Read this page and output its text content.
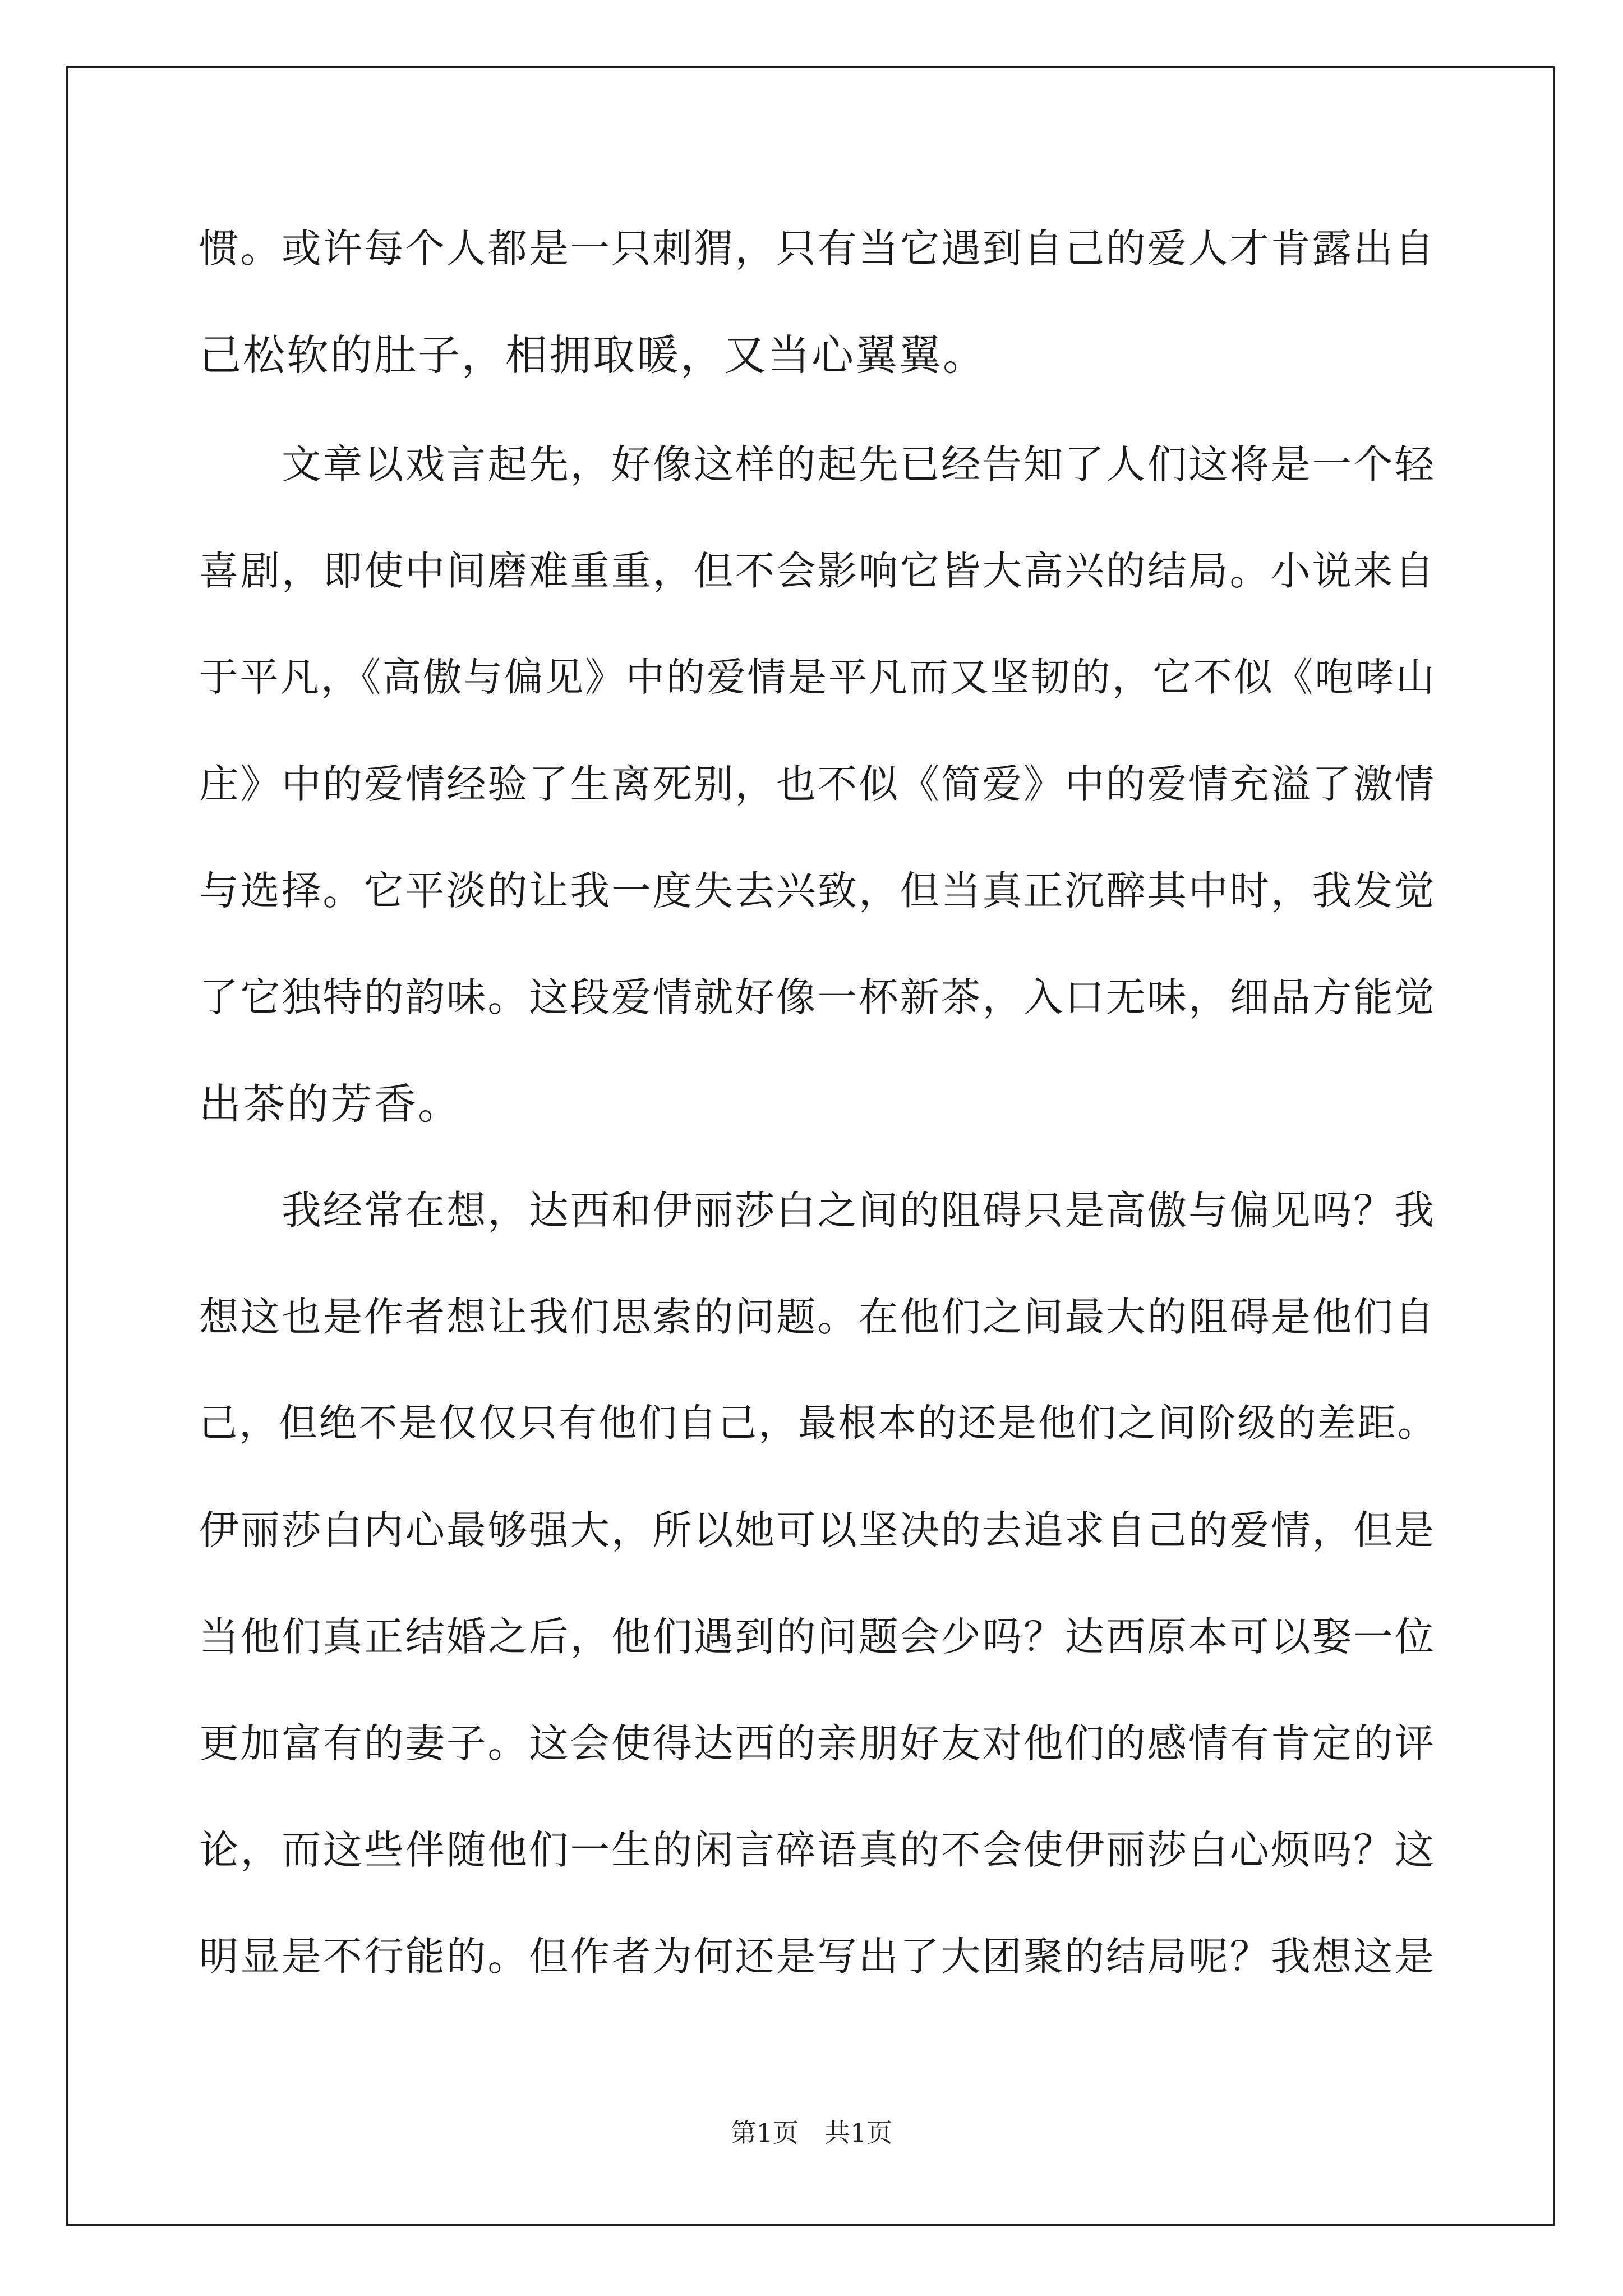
惯。或许每个人都是一只刺猬，只有当它遇到自己的爱人才肯露出自

己松软的肚子，相拥取暖，又当心翼翼。

　　文章以戏言起先，好像这样的起先已经告知了人们这将是一个轻

喜剧，即使中间磨难重重，但不会影响它皆大高兴的结局。小说来自

于平凡，《高傲与偏见》中的爱情是平凡而又坚韧的，它不似《咆哮山

庄》中的爱情经验了生离死别，也不似《简爱》中的爱情充溢了激情

与选择。它平淡的让我一度失去兴致，但当真正沉醉其中时，我发觉

了它独特的韵味。这段爱情就好像一杯新茶，入口无味，细品方能觉

出茶的芳香。

　　我经常在想，达西和伊丽莎白之间的阻碍只是高傲与偏见吗？我

想这也是作者想让我们思索的问题。在他们之间最大的阻碍是他们自

己，但绝不是仅仅只有他们自己，最根本的还是他们之间阶级的差距。

伊丽莎白内心最够强大，所以她可以坚决的去追求自己的爱情，但是

当他们真正结婚之后，他们遇到的问题会少吗？达西原本可以娶一位

更加富有的妻子。这会使得达西的亲朋好友对他们的感情有肯定的评

论，而这些伴随他们一生的闲言碎语真的不会使伊丽莎白心烦吗？这

明显是不行能的。但作者为何还是写出了大团聚的结局呢？我想这是

第1页　共1页
